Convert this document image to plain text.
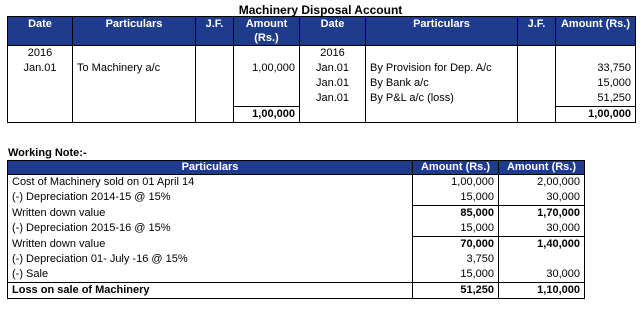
Machinery Disposal Account
Date	Particulars	J.F.	Amount (Rs.)	Date	Particulars	J.F.	Amount (Rs.)
2016				2016			
Jan.01	To Machinery a/c		1,00,000	Jan.01	By Provision for Dep. A/c		33,750
				Jan.01	By Bank a/c		15,000
				Jan.01	By P&L a/c (loss)		51,250
			1,00,000				1,00,000
Working Note:-
Particulars	Amount (Rs.)	Amount (Rs.)
Cost of Machinery sold on 01 April 14	1,00,000	2,00,000
(-) Depreciation 2014-15 @ 15%	15,000	30,000
Written down value	85,000	1,70,000
(-) Depreciation 2015-16 @ 15%	15,000	30,000
Written down value	70,000	1,40,000
(-) Depreciation 01- July -16 @ 15%	3,750	
(-) Sale	15,000	30,000
Loss on sale of Machinery	51,250	1,10,000
